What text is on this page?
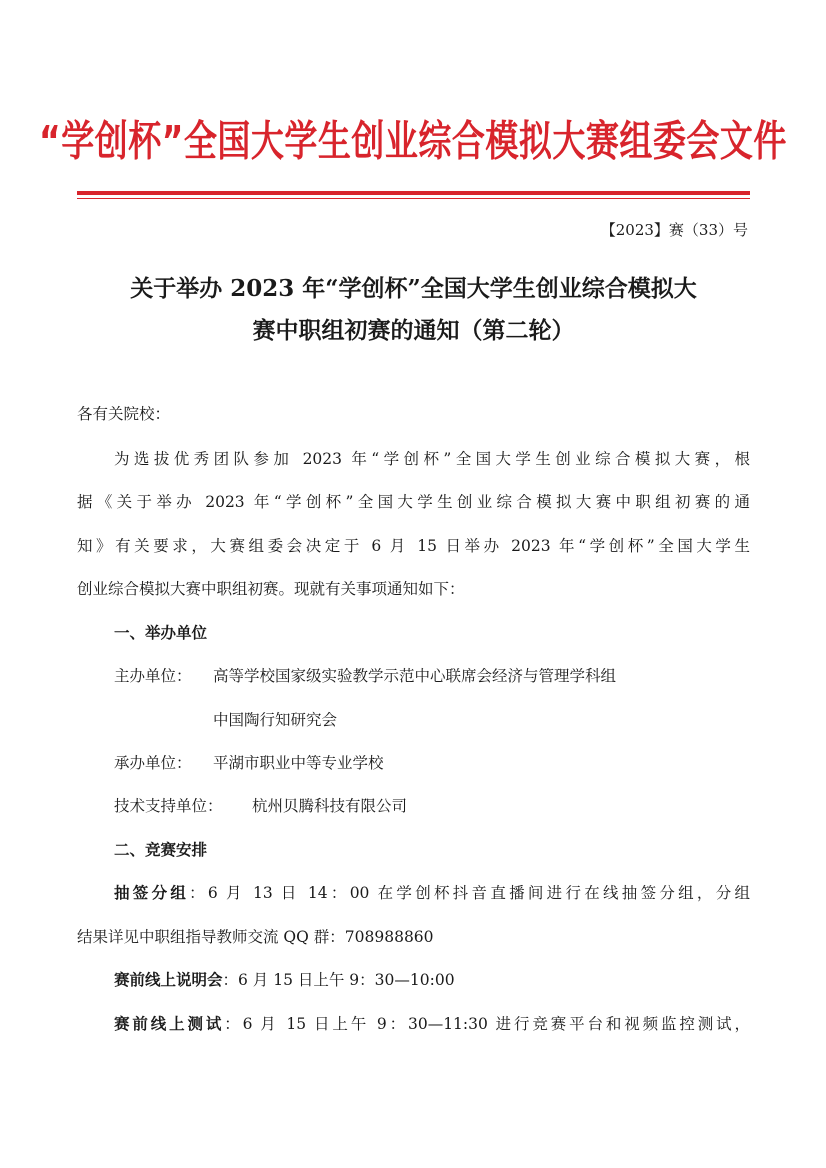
“学创杯”全国大学生创业综合模拟大赛组委会文件
【2023】赛（33）号
关于举办 2023 年“学创杯”全国大学生创业综合模拟大
赛中职组初赛的通知（第二轮）
各有关院校：
为选拔优秀团队参加 2023 年“学创杯”全国大学生创业综合模拟大赛，根
据《关于举办 2023 年“学创杯”全国大学生创业综合模拟大赛中职组初赛的通
知》有关要求，大赛组委会决定于 6 月 15 日举办 2023 年“学创杯”全国大学生
创业综合模拟大赛中职组初赛。现就有关事项通知如下：
一、举办单位
主办单位： 高等学校国家级实验教学示范中心联席会经济与管理学科组
中国陶行知研究会
承办单位： 平湖市职业中等专业学校
技术支持单位： 杭州贝腾科技有限公司
二、竞赛安排
抽签分组：6 月 13 日 14：00 在学创杯抖音直播间进行在线抽签分组，分组
结果详见中职组指导教师交流 QQ 群：708988860
赛前线上说明会：6 月 15 日上午 9：30—10:00
赛前线上测试：6 月 15 日上午 9：30—11:30 进行竞赛平台和视频监控测试，
